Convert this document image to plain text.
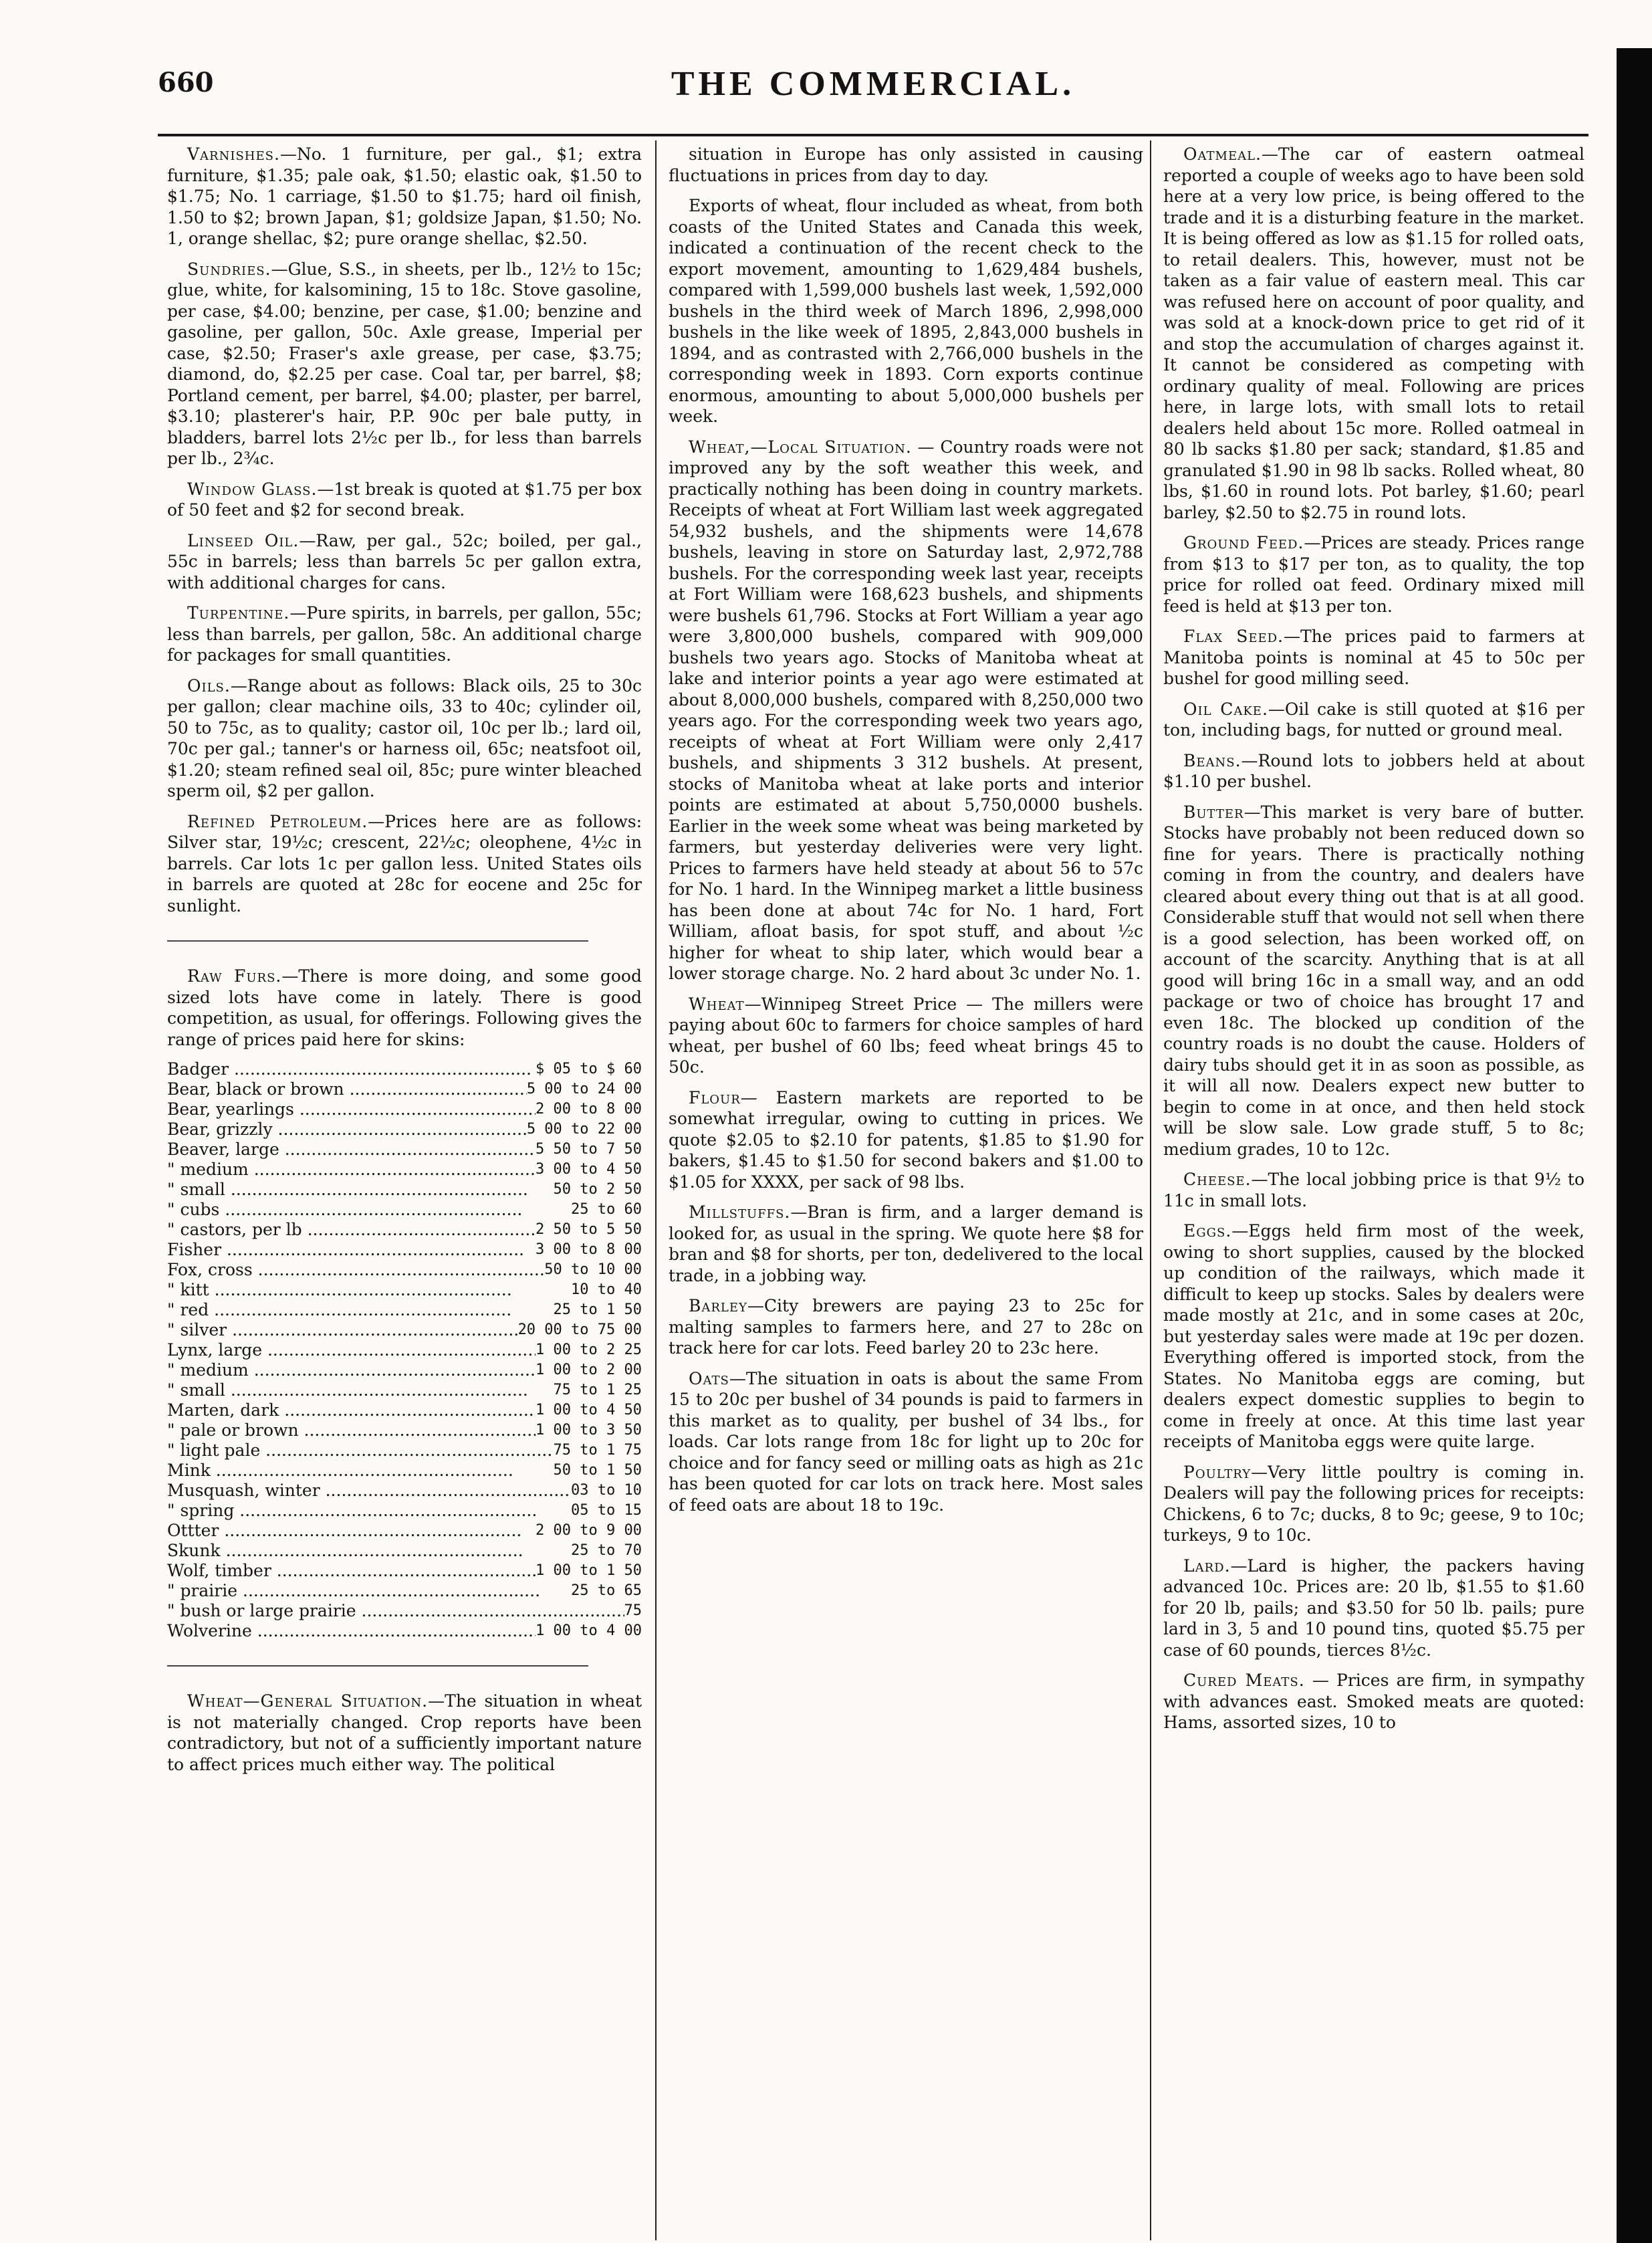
660	THE COMMERCIAL.

Varnishes.—No. 1 furniture, per gal., $1; extra furniture, $1.35; pale oak, $1.50; elastic oak, $1.50 to $1.75; No. 1 carriage, $1.50 to $1.75; hard oil finish, 1.50 to $2; brown Japan, $1; goldsize Japan, $1.50; No. 1, orange shellac, $2; pure orange shellac, $2.50.

Sundries.—Glue, S.S., in sheets, per lb., 12½ to 15c; glue, white, for kalsomining, 15 to 18c. Stove gasoline, per case, $4.00; benzine, per case, $1.00; benzine and gasoline, per gallon, 50c. Axle grease, Imperial per case, $2.50; Fraser's axle grease, per case, $3.75; diamond, do, $2.25 per case. Coal tar, per barrel, $8; Portland cement, per barrel, $4.00; plaster, per barrel, $3.10; plasterer's hair, P.P. 90c per bale putty, in bladders, barrel lots 2½c per lb., for less than barrels per lb., 2¾c.

Window Glass.—1st break is quoted at $1.75 per box of 50 feet and $2 for second break.

Linseed Oil.—Raw, per gal., 52c; boiled, per gal., 55c in barrels; less than barrels 5c per gallon extra, with additional charges for cans.

Turpentine.—Pure spirits, in barrels, per gallon, 55c; less than barrels, per gallon, 58c. An additional charge for packages for small quantities.

Oils.—Range about as follows: Black oils, 25 to 30c per gallon; clear machine oils, 33 to 40c; cylinder oil, 50 to 75c, as to quality; castor oil, 10c per lb.; lard oil, 70c per gal.; tanner's or harness oil, 65c; neatsfoot oil, $1.20; steam refined seal oil, 85c; pure winter bleached sperm oil, $2 per gallon.

Refined Petroleum.—Prices here are as follows: Silver star, 19½c; crescent, 22½c; oleophene, 4½c in barrels. Car lots 1c per gallon less. United States oils in barrels are quoted at 28c for eocene and 25c for sunlight.

Raw Furs.—There is more doing, and some good sized lots have come in lately. There is good competition, as usual, for offerings. Following gives the range of prices paid here for skins:

Badger .....	$ 05 to $ 60
Bear, black or brown .....	5 00 to 24 00
Bear, yearlings .....	2 00 to 8 00
Bear, grizzly .....	5 00 to 22 00
Beaver, large .....	5 50 to 7 50
" medium .....	3 00 to 4 50
" small .....	50 to 2 50
" cubs .....	25 to 60
" castors, per lb .....	2 50 to 5 50
Fisher .....	3 00 to 8 00
Fox, cross .....	50 to 10 00
" kitt .....	10 to 40
" red .....	25 to 1 50
" silver .....	20 00 to 75 00
Lynx, large .....	1 00 to 2 25
" medium .....	1 00 to 2 00
" small .....	75 to 1 25
Marten, dark .....	1 00 to 4 50
" pale or brown .....	1 00 to 3 50
" light pale .....	75 to 1 75
Mink .....	50 to 1 50
Musquash, winter .....	03 to 10
" spring .....	05 to 15
Ottter .....	2 00 to 9 00
Skunk .....	25 to 70
Wolf, timber .....	1 00 to 1 50
" prairie .....	25 to 65
" bush or large prairie .....	75
Wolverine .....	1 00 to 4 00

Wheat—General Situation.—The situation in wheat is not materially changed. Crop reports have been contradictory, but not of a sufficiently important nature to affect prices much either way. The political

situation in Europe has only assisted in causing fluctuations in prices from day to day.

Exports of wheat, flour included as wheat, from both coasts of the United States and Canada this week, indicated a continuation of the recent check to the export movement, amounting to 1,629,484 bushels, compared with 1,599,000 bushels last week, 1,592,000 bushels in the third week of March 1896, 2,998,000 bushels in the like week of 1895, 2,843,000 bushels in 1894, and as contrasted with 2,766,000 bushels in the corresponding week in 1893. Corn exports continue enormous, amounting to about 5,000,000 bushels per week.

Wheat,—Local Situation. — Country roads were not improved any by the soft weather this week, and practically nothing has been doing in country markets. Receipts of wheat at Fort William last week aggregated 54,932 bushels, and the shipments were 14,678 bushels, leaving in store on Saturday last, 2,972,788 bushels. For the corresponding week last year, receipts at Fort William were 168,623 bushels, and shipments were bushels 61,796. Stocks at Fort William a year ago were 3,800,000 bushels, compared with 909,000 bushels two years ago. Stocks of Manitoba wheat at lake and interior points a year ago were estimated at about 8,000,000 bushels, compared with 8,250,000 two years ago. For the corresponding week two years ago, receipts of wheat at Fort William were only 2,417 bushels, and shipments 3 312 bushels. At present, stocks of Manitoba wheat at lake ports and interior points are estimated at about 5,750,0000 bushels. Earlier in the week some wheat was being marketed by farmers, but yesterday deliveries were very light. Prices to farmers have held steady at about 56 to 57c for No. 1 hard. In the Winnipeg market a little business has been done at about 74c for No. 1 hard, Fort William, afloat basis, for spot stuff, and about ½c higher for wheat to ship later, which would bear a lower storage charge. No. 2 hard about 3c under No. 1.

Wheat—Winnipeg Street Price — The millers were paying about 60c to farmers for choice samples of hard wheat, per bushel of 60 lbs; feed wheat brings 45 to 50c.

Flour— Eastern markets are reported to be somewhat irregular, owing to cutting in prices. We quote $2.05 to $2.10 for patents, $1.85 to $1.90 for bakers, $1.45 to $1.50 for second bakers and $1.00 to $1.05 for XXXX, per sack of 98 lbs.

Millstuffs.—Bran is firm, and a larger demand is looked for, as usual in the spring. We quote here $8 for bran and $8 for shorts, per ton, dedelivered to the local trade, in a jobbing way.

Barley—City brewers are paying 23 to 25c for malting samples to farmers here, and 27 to 28c on track here for car lots. Feed barley 20 to 23c here.

Oats—The situation in oats is about the same From 15 to 20c per bushel of 34 pounds is paid to farmers in this market as to quality, per bushel of 34 lbs., for loads. Car lots range from 18c for light up to 20c for choice and for fancy seed or milling oats as high as 21c has been quoted for car lots on track here. Most sales of feed oats are about 18 to 19c.

Oatmeal.—The car of eastern oatmeal reported a couple of weeks ago to have been sold here at a very low price, is being offered to the trade and it is a disturbing feature in the market. It is being offered as low as $1.15 for rolled oats, to retail dealers. This, however, must not be taken as a fair value of eastern meal. This car was refused here on account of poor quality, and was sold at a knock-down price to get rid of it and stop the accumulation of charges against it. It cannot be considered as competing with ordinary quality of meal. Following are prices here, in large lots, with small lots to retail dealers held about 15c more. Rolled oatmeal in 80 lb sacks $1.80 per sack; standard, $1.85 and granulated $1.90 in 98 lb sacks. Rolled wheat, 80 lbs, $1.60 in round lots. Pot barley, $1.60; pearl barley, $2.50 to $2.75 in round lots.

Ground Feed.—Prices are steady. Prices range from $13 to $17 per ton, as to quality, the top price for rolled oat feed. Ordinary mixed mill feed is held at $13 per ton.

Flax Seed.—The prices paid to farmers at Manitoba points is nominal at 45 to 50c per bushel for good milling seed.

Oil Cake.—Oil cake is still quoted at $16 per ton, including bags, for nutted or ground meal.

Beans.—Round lots to jobbers held at about $1.10 per bushel.

Butter—This market is very bare of butter. Stocks have probably not been reduced down so fine for years. There is practically nothing coming in from the country, and dealers have cleared about every thing out that is at all good. Considerable stuff that would not sell when there is a good selection, has been worked off, on account of the scarcity. Anything that is at all good will bring 16c in a small way, and an odd package or two of choice has brought 17 and even 18c. The blocked up condition of the country roads is no doubt the cause. Holders of dairy tubs should get it in as soon as possible, as it will all now. Dealers expect new butter to begin to come in at once, and then held stock will be slow sale. Low grade stuff, 5 to 8c; medium grades, 10 to 12c.

Cheese.—The local jobbing price is that 9½ to 11c in small lots.

Eggs.—Eggs held firm most of the week, owing to short supplies, caused by the blocked up condition of the railways, which made it difficult to keep up stocks. Sales by dealers were made mostly at 21c, and in some cases at 20c, but yesterday sales were made at 19c per dozen. Everything offered is imported stock, from the States. No Manitoba eggs are coming, but dealers expect domestic supplies to begin to come in freely at once. At this time last year receipts of Manitoba eggs were quite large.

Poultry—Very little poultry is coming in. Dealers will pay the following prices for receipts: Chickens, 6 to 7c; ducks, 8 to 9c; geese, 9 to 10c; turkeys, 9 to 10c.

Lard.—Lard is higher, the packers having advanced 10c. Prices are: 20 lb, $1.55 to $1.60 for 20 lb, pails; and $3.50 for 50 lb. pails; pure lard in 3, 5 and 10 pound tins, quoted $5.75 per case of 60 pounds, tierces 8½c.

Cured Meats. — Prices are firm, in sympathy with advances east. Smoked meats are quoted: Hams, assorted sizes, 10 to
